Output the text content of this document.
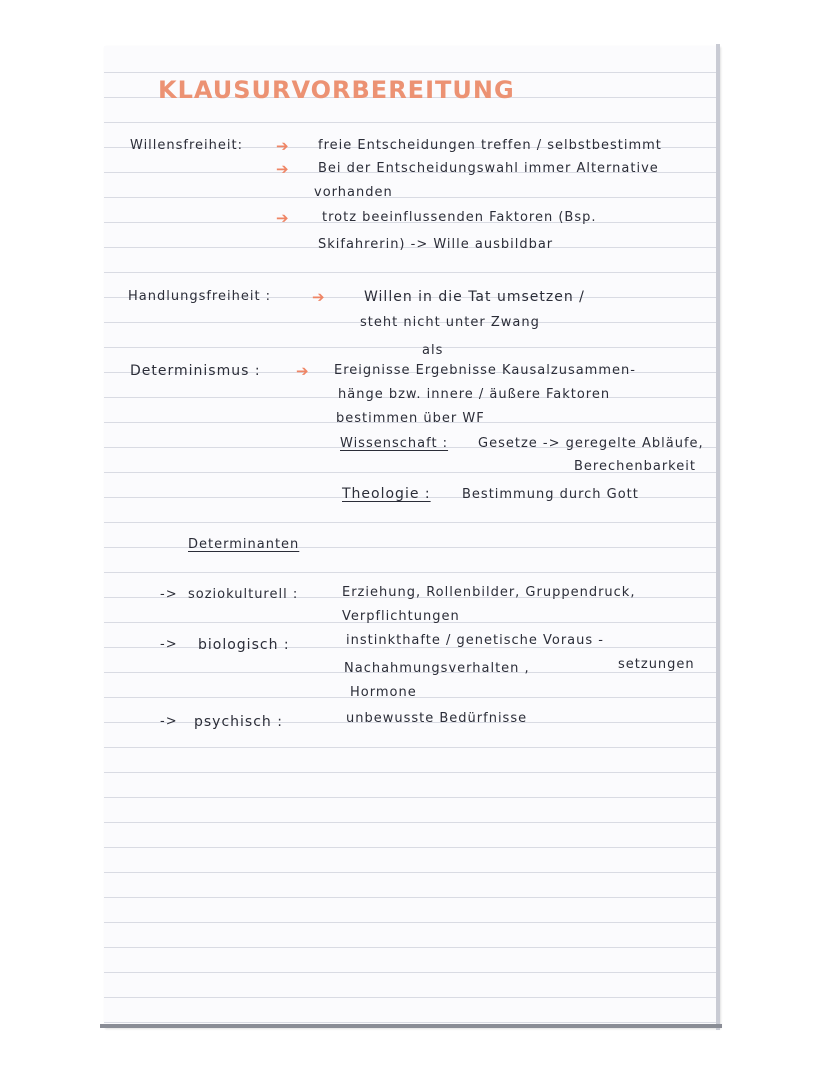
KLAUSURVORBEREITUNG
Willensfreiheit: ➔ freie Entscheidungen treffen / selbstbestimmt
➔ Bei der Entscheidungswahl immer Alternative
vorhanden
➔	trotz beeinflussenden Faktoren (Bsp.
Skifahrerin) -> Wille ausbildbar
Handlungsfreiheit :	➔	Willen in die Tat umsetzen /
steht nicht unter Zwang
als
Determinismus : ➔ Ereignisse Ergebnisse Kausalzusammen-
hänge bzw. innere / äußere Faktoren
bestimmen über WF
Wissenschaft : Gesetze -> geregelte Abläufe,
Berechenbarkeit
Theologie : Bestimmung durch Gott
Determinanten
-> soziokulturell :	Erziehung, Rollenbilder, Gruppendruck,
Verpflichtungen
-> biologisch :	instinkthafte / genetische Voraus -
setzungen
Nachahmungsverhalten ,
Hormone
-> psychisch :	unbewusste Bedürfnisse
